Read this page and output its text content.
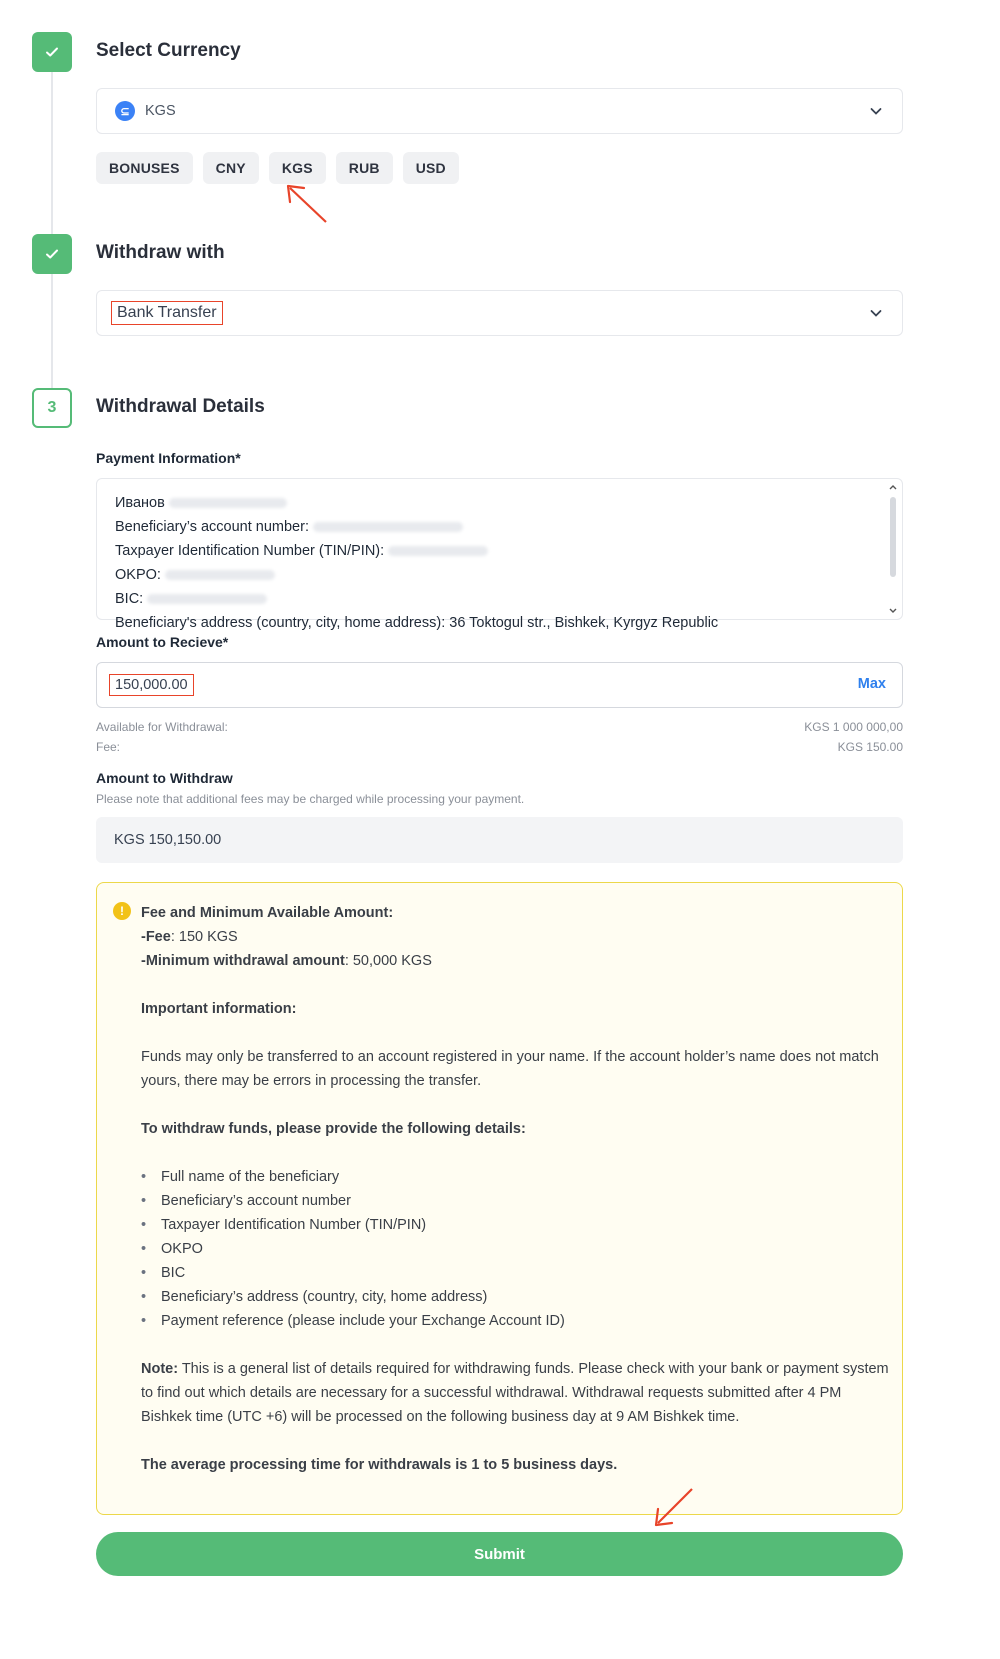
Select Currency
⊆	KGS
BONUSES	CNY	KGS	RUB	USD
Withdraw with
Bank Transfer
3	Withdrawal Details
Payment Information*
Иванов
Beneficiary’s account number:
Taxpayer Identification Number (TIN/PIN):
OKPO:
BIC:
Beneficiary's address (country, city, home address): 36 Toktogul str., Bishkek, Kyrgyz Republic
Amount to Recieve*
150,000.00	Max
Available for Withdrawal:	KGS 1 000 000,00
Fee:	KGS 150.00
Amount to Withdraw
Please note that additional fees may be charged while processing your payment.
KGS 150,150.00
!	Fee and Minimum Available Amount:

-Fee: 150 KGS

-Minimum withdrawal amount: 50,000 KGS

Important information:

Funds may only be transferred to an account registered in your name. If the account holder’s name does not match yours, there may be errors in processing the transfer.

To withdraw funds, please provide the following details:

• Full name of the beneficiary
• Beneficiary’s account number
• Taxpayer Identification Number (TIN/PIN)
• OKPO
• BIC
• Beneficiary’s address (country, city, home address)
• Payment reference (please include your Exchange Account ID)

Note: This is a general list of details required for withdrawing funds. Please check with your bank or payment system to find out which details are necessary for a successful withdrawal. Withdrawal requests submitted after 4 PM Bishkek time (UTC +6) will be processed on the following business day at 9 AM Bishkek time.

The average processing time for withdrawals is 1 to 5 business days.

Submit
